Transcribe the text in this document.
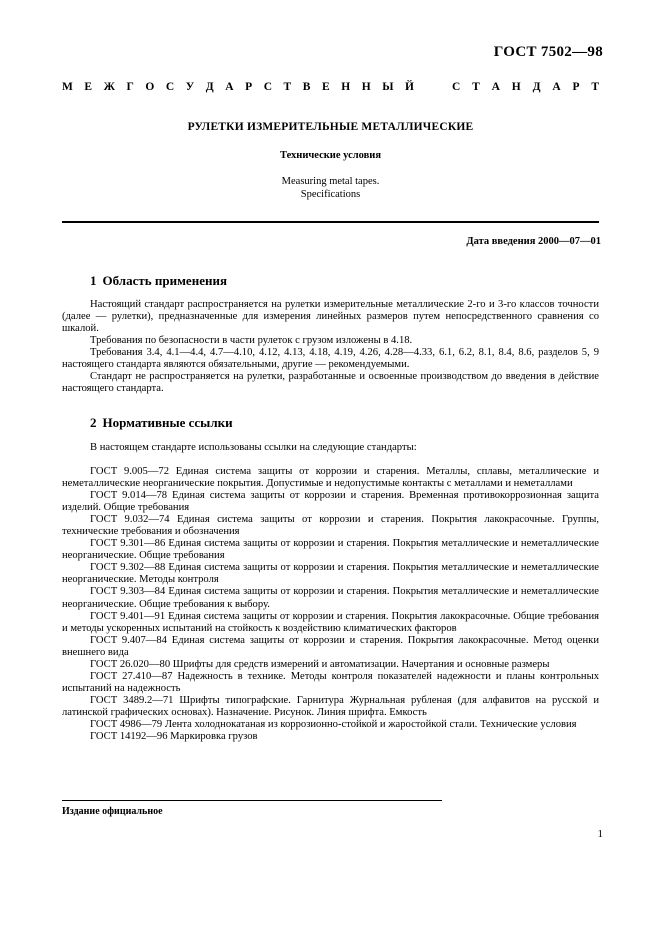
ГОСТ 7502—98
М Е Ж Г О С У Д А Р С Т В Е Н Н Ы Й	С Т А Н Д А Р Т
РУЛЕТКИ ИЗМЕРИТЕЛЬНЫЕ МЕТАЛЛИЧЕСКИЕ
Технические условия
Measuring metal tapes.
Specifications
Дата введения 2000—07—01
1 Область применения

Настоящий стандарт распространяется на рулетки измерительные металлические 2-го и 3-го классов точности (далее — рулетки), предназначенные для измерения линейных размеров путем непосредственного сравнения со шкалой.

Требования по безопасности в части рулеток с грузом изложены в 4.18.

Требования 3.4, 4.1—4.4, 4.7—4.10, 4.12, 4.13, 4.18, 4.19, 4.26, 4.28—4.33, 6.1, 6.2, 8.1, 8.4, 8.6, разделов 5, 9 настоящего стандарта являются обязательными, другие — рекомендуемыми.

Стандарт не распространяется на рулетки, разработанные и освоенные производством до введения в действие настоящего стандарта.

2 Нормативные ссылки

В настоящем стандарте использованы ссылки на следующие стандарты:

ГОСТ 9.005—72 Единая система защиты от коррозии и старения. Металлы, сплавы, металлические и неметаллические неорганические покрытия. Допустимые и недопустимые контакты с металлами и неметаллами

ГОСТ 9.014—78 Единая система защиты от коррозии и старения. Временная противокоррозионная защита изделий. Общие требования

ГОСТ 9.032—74 Единая система защиты от коррозии и старения. Покрытия лакокрасочные. Группы, технические требования и обозначения

ГОСТ 9.301—86 Единая система защиты от коррозии и старения. Покрытия металлические и неметаллические неорганические. Общие требования

ГОСТ 9.302—88 Единая система защиты от коррозии и старения. Покрытия металлические и неметаллические неорганические. Методы контроля

ГОСТ 9.303—84 Единая система защиты от коррозии и старения. Покрытия металлические и неметаллические неорганические. Общие требования к выбору.

ГОСТ 9.401—91 Единая система защиты от коррозии и старения. Покрытия лакокрасочные. Общие требования и методы ускоренных испытаний на стойкость к воздействию климатических факторов

ГОСТ 9.407—84 Единая система защиты от коррозии и старения. Покрытия лакокрасочные. Метод оценки внешнего вида

ГОСТ 26.020—80 Шрифты для средств измерений и автоматизации. Начертания и основные размеры

ГОСТ 27.410—87 Надежность в технике. Методы контроля показателей надежности и планы контрольных испытаний на надежность

ГОСТ 3489.2—71 Шрифты типографские. Гарнитура Журнальная рубленая (для алфавитов на русской и латинской графических основах). Назначение. Рисунок. Линия шрифта. Емкость

ГОСТ 4986—79 Лента холоднокатаная из коррозионно-стойкой и жаростойкой стали. Технические условия

ГОСТ 14192—96 Маркировка грузов

Издание официальное
1
